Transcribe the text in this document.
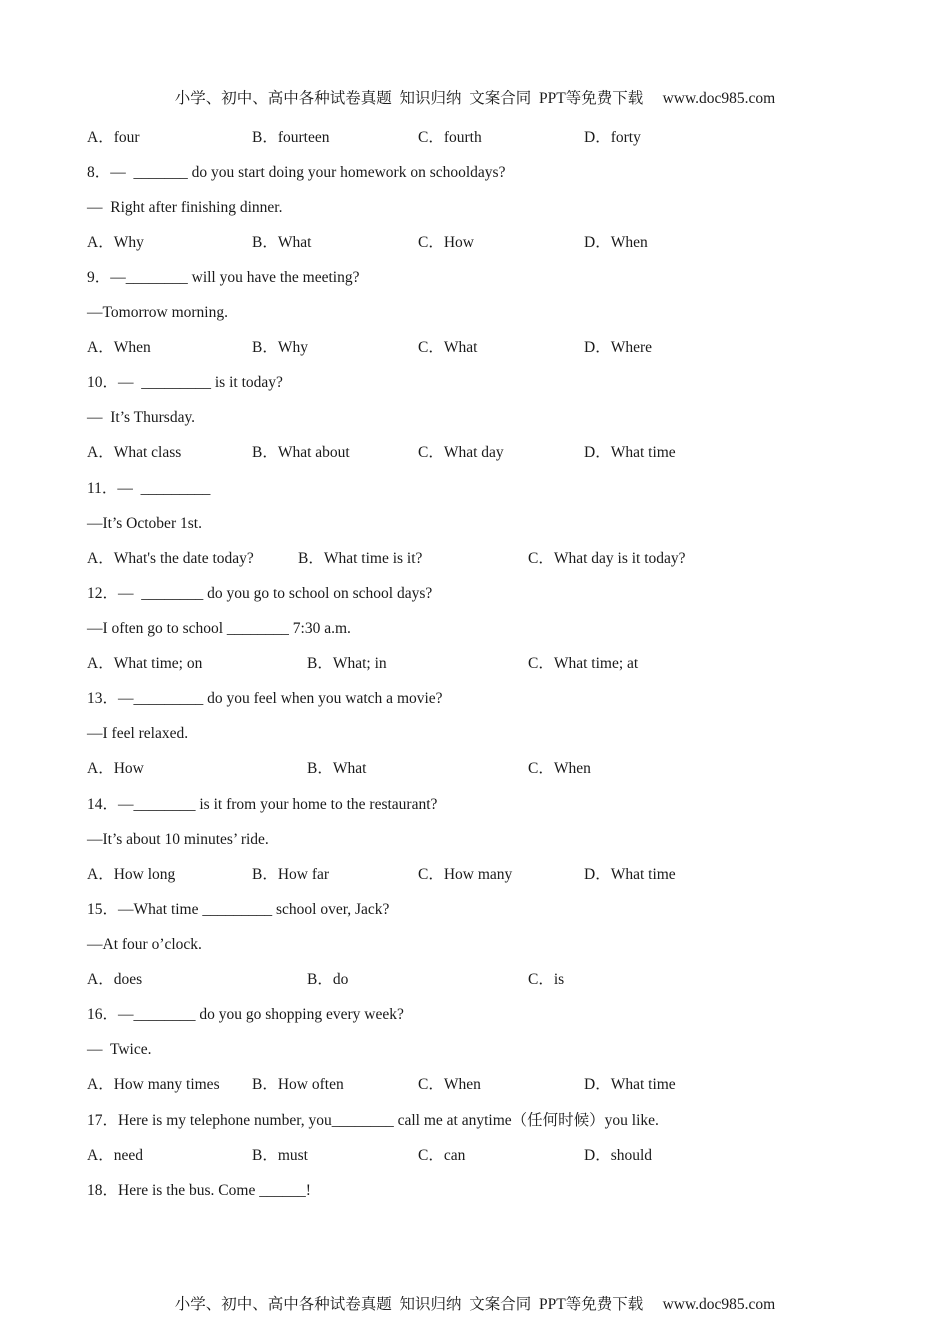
小学、初中、高中各种试卷真题  知识归纳  文案合同  PPT等免费下载     www.doc985.com
A．four	B．fourteen	C．fourth	D．forty
8．—  _______ do you start doing your homework on schooldays?
—  Right after finishing dinner.
A．Why	B．What	C．How	D．When
9．—________ will you have the meeting?
—Tomorrow morning.
A．When	B．Why	C．What	D．Where
10．—  _________ is it today?
—  It’s Thursday.
A．What class	B．What about	C．What day	D．What time
11．—  _________
—It’s October 1st.
A．What's the date today?	B．What time is it?	C．What day is it today?
12．—  ________ do you go to school on school days?
—I often go to school ________ 7:30 a.m.
A．What time; on	B．What; in	C．What time; at
13．—_________ do you feel when you watch a movie?
—I feel relaxed.
A．How	B．What	C．When
14．—________ is it from your home to the restaurant?
—It’s about 10 minutes’ ride.
A．How long	B．How far	C．How many	D．What time
15．—What time _________ school over, Jack?
—At four o’clock.
A．does	B．do	C．is
16．—________ do you go shopping every week?
—  Twice.
A．How many times B．How often	C．When	D．What time
17．Here is my telephone number, you________ call me at anytime（任何时候）you like.
A．need	B．must	C．can	D．should
18．Here is the bus. Come ______!
小学、初中、高中各种试卷真题  知识归纳  文案合同  PPT等免费下载     www.doc985.com
